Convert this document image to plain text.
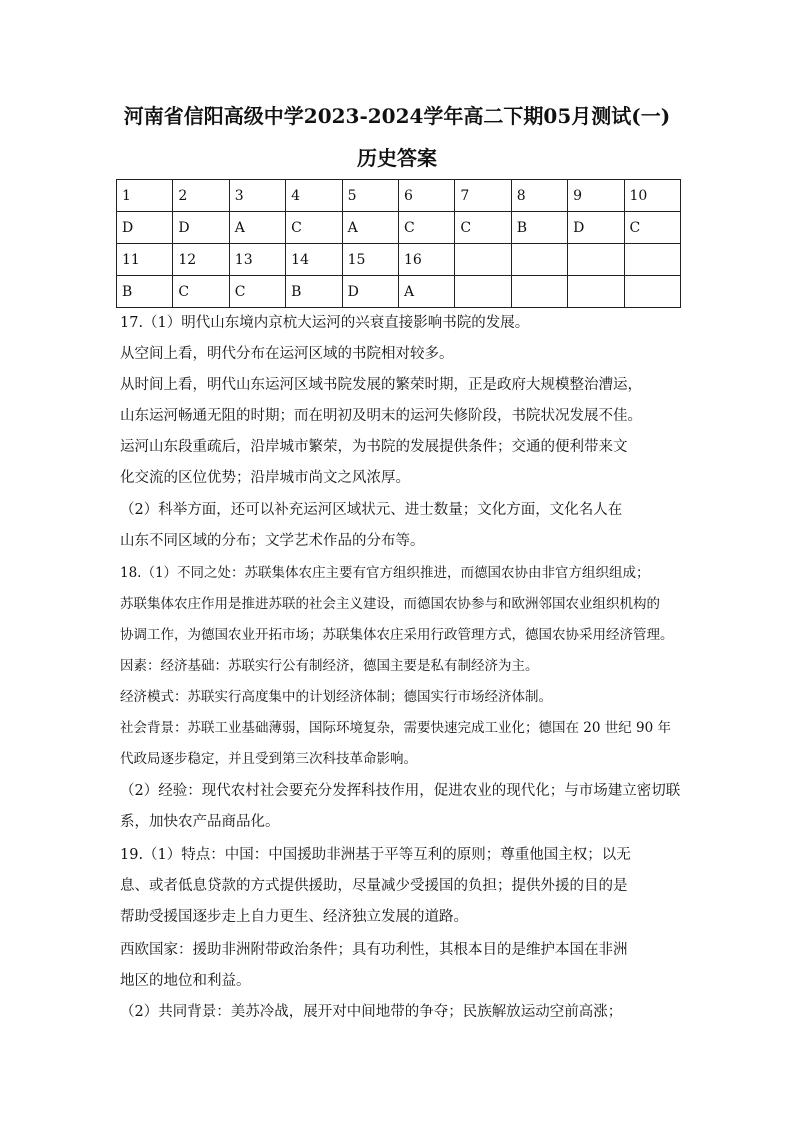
河南省信阳高级中学2023-2024学年高二下期05月测试(一)
历史答案
1	2	3	4	5	6	7	8	9	10
D	D	A	C	A	C	C	B	D	C
11	12	13	14	15	16				
B	C	C	B	D	A				
17.（1）明代山东境内京杭大运河的兴衰直接影响书院的发展。
从空间上看，明代分布在运河区域的书院相对较多。
从时间上看，明代山东运河区域书院发展的繁荣时期，正是政府大规模整治漕运，
山东运河畅通无阻的时期；而在明初及明末的运河失修阶段，书院状况发展不佳。
运河山东段重疏后，沿岸城市繁荣，为书院的发展提供条件；交通的便利带来文
化交流的区位优势；沿岸城市尚文之风浓厚。
（2）科举方面，还可以补充运河区域状元、进士数量；文化方面，文化名人在
山东不同区域的分布；文学艺术作品的分布等。
18.（1）不同之处：苏联集体农庄主要有官方组织推进，而德国农协由非官方组织组成；
苏联集体农庄作用是推进苏联的社会主义建设，而德国农协参与和欧洲邻国农业组织机构的
协调工作，为德国农业开拓市场；苏联集体农庄采用行政管理方式，德国农协采用经济管理。
因素：经济基础：苏联实行公有制经济，德国主要是私有制经济为主。
经济模式：苏联实行高度集中的计划经济体制；德国实行市场经济体制。
社会背景：苏联工业基础薄弱，国际环境复杂，需要快速完成工业化；德国在 20 世纪 90 年
代政局逐步稳定，并且受到第三次科技革命影响。
（2）经验：现代农村社会要充分发挥科技作用，促进农业的现代化；与市场建立密切联
系，加快农产品商品化。
19.（1）特点：中国：中国援助非洲基于平等互利的原则；尊重他国主权；以无
息、或者低息贷款的方式提供援助，尽量减少受援国的负担；提供外援的目的是
帮助受援国逐步走上自力更生、经济独立发展的道路。
西欧国家：援助非洲附带政治条件；具有功利性，其根本目的是维护本国在非洲
地区的地位和利益。
（2）共同背景：美苏冷战，展开对中间地带的争夺；民族解放运动空前高涨；
